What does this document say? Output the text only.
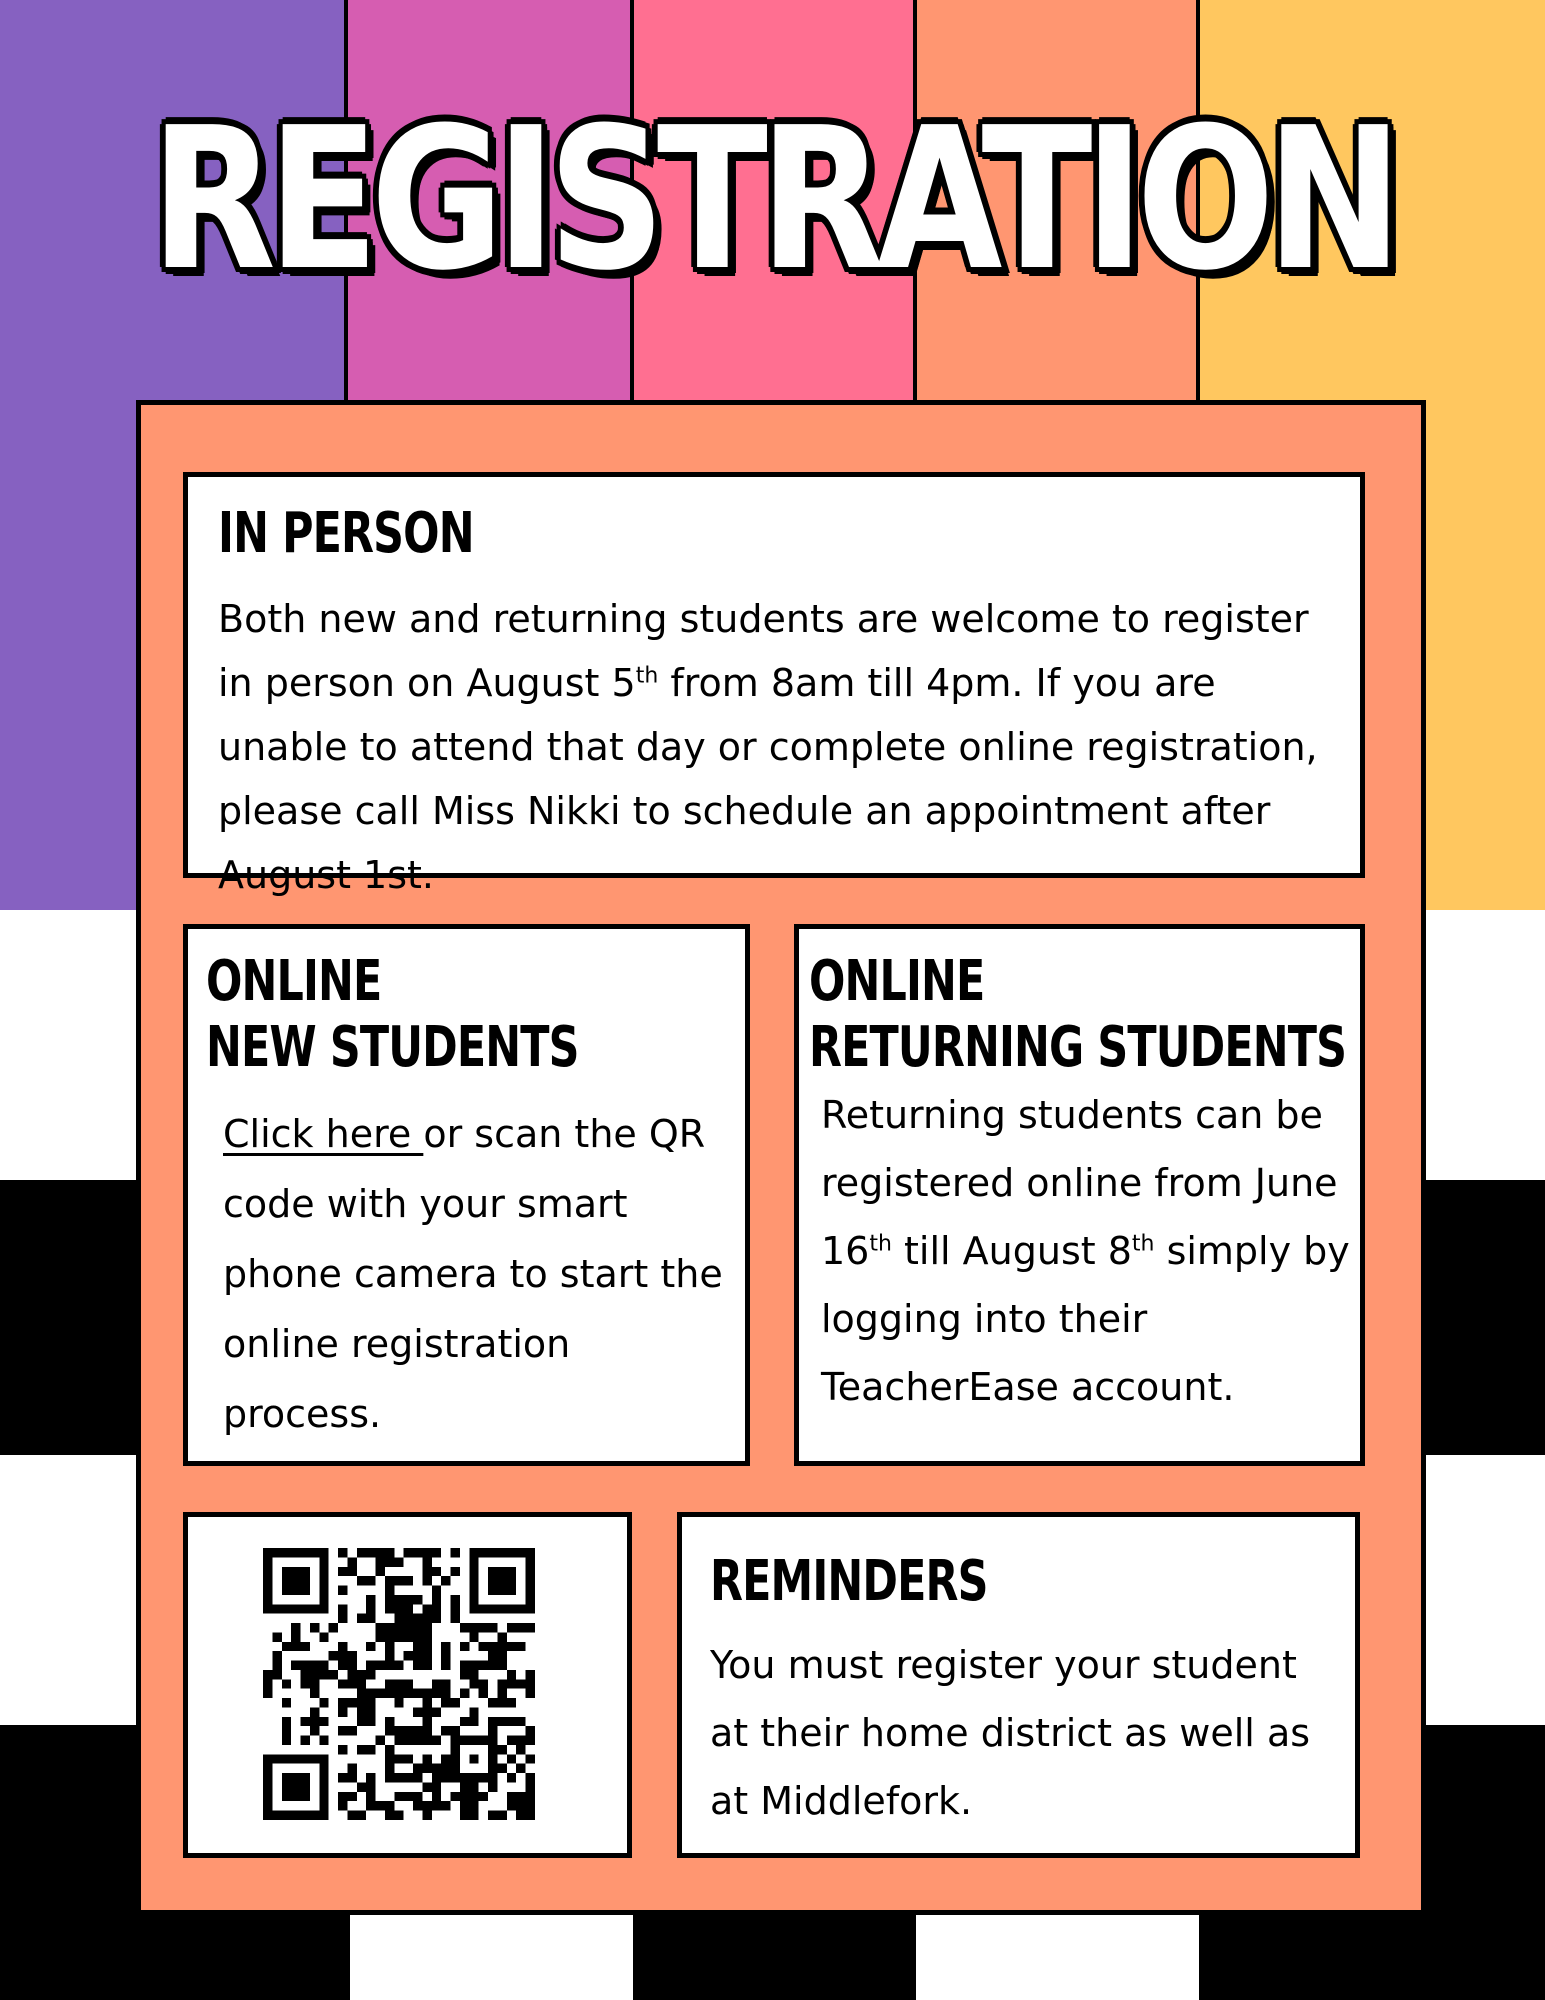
REGISTRATION
IN PERSON

Both new and returning students are welcome to register in person on August 5th from 8am till 4pm. If you are unable to attend that day or complete online registration, please call Miss Nikki to schedule an appointment after August 1st.

ONLINE
NEW STUDENTS

Click here or scan the QR code with your smart phone camera to start the online registration process.

ONLINE
RETURNING STUDENTS

Returning students can be registered online from June 16th till August 8th simply by logging into their TeacherEase account.

REMINDERS

You must register your student at their home district as well as at Middlefork.
